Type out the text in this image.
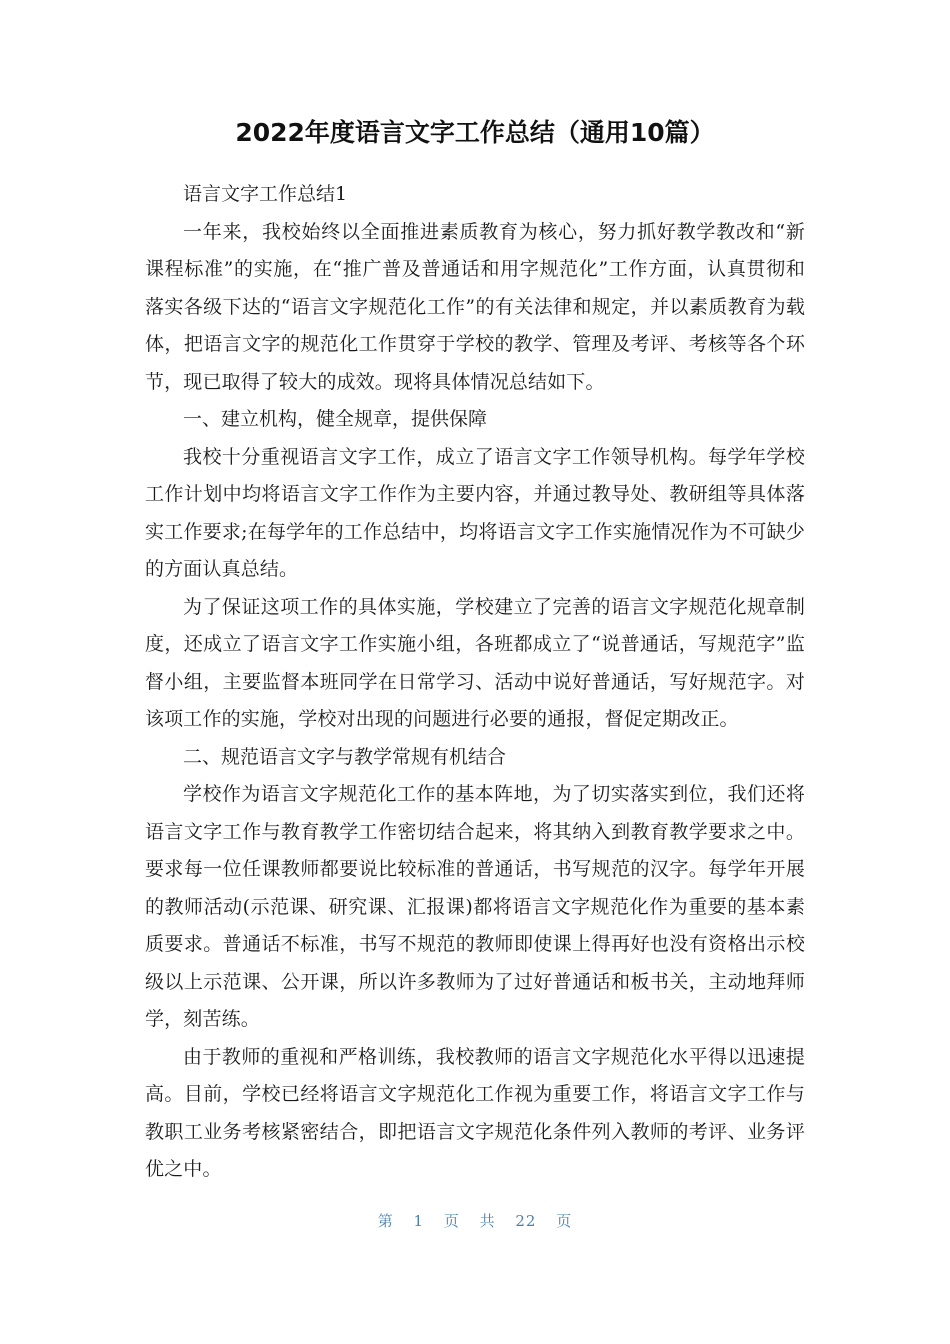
2022年度语言文字工作总结（通用10篇）

语言文字工作总结1

一年来，我校始终以全面推进素质教育为核心，努力抓好教学教改和“新课程标准”的实施，在“推广普及普通话和用字规范化”工作方面，认真贯彻和落实各级下达的“语言文字规范化工作”的有关法律和规定，并以素质教育为载体，把语言文字的规范化工作贯穿于学校的教学、管理及考评、考核等各个环节，现已取得了较大的成效。现将具体情况总结如下。

一、建立机构，健全规章，提供保障

我校十分重视语言文字工作，成立了语言文字工作领导机构。每学年学校工作计划中均将语言文字工作作为主要内容，并通过教导处、教研组等具体落实工作要求;在每学年的工作总结中，均将语言文字工作实施情况作为不可缺少的方面认真总结。

为了保证这项工作的具体实施，学校建立了完善的语言文字规范化规章制度，还成立了语言文字工作实施小组，各班都成立了“说普通话，写规范字”监督小组，主要监督本班同学在日常学习、活动中说好普通话，写好规范字。对该项工作的实施，学校对出现的问题进行必要的通报，督促定期改正。

二、规范语言文字与教学常规有机结合

学校作为语言文字规范化工作的基本阵地，为了切实落实到位，我们还将语言文字工作与教育教学工作密切结合起来，将其纳入到教育教学要求之中。要求每一位任课教师都要说比较标准的普通话，书写规范的汉字。每学年开展的教师活动(示范课、研究课、汇报课)都将语言文字规范化作为重要的基本素质要求。普通话不标准，书写不规范的教师即使课上得再好也没有资格出示校级以上示范课、公开课，所以许多教师为了过好普通话和板书关，主动地拜师学，刻苦练。

由于教师的重视和严格训练，我校教师的语言文字规范化水平得以迅速提高。目前，学校已经将语言文字规范化工作视为重要工作，将语言文字工作与教职工业务考核紧密结合，即把语言文字规范化条件列入教师的考评、业务评优之中。

第 1 页 共 22 页
